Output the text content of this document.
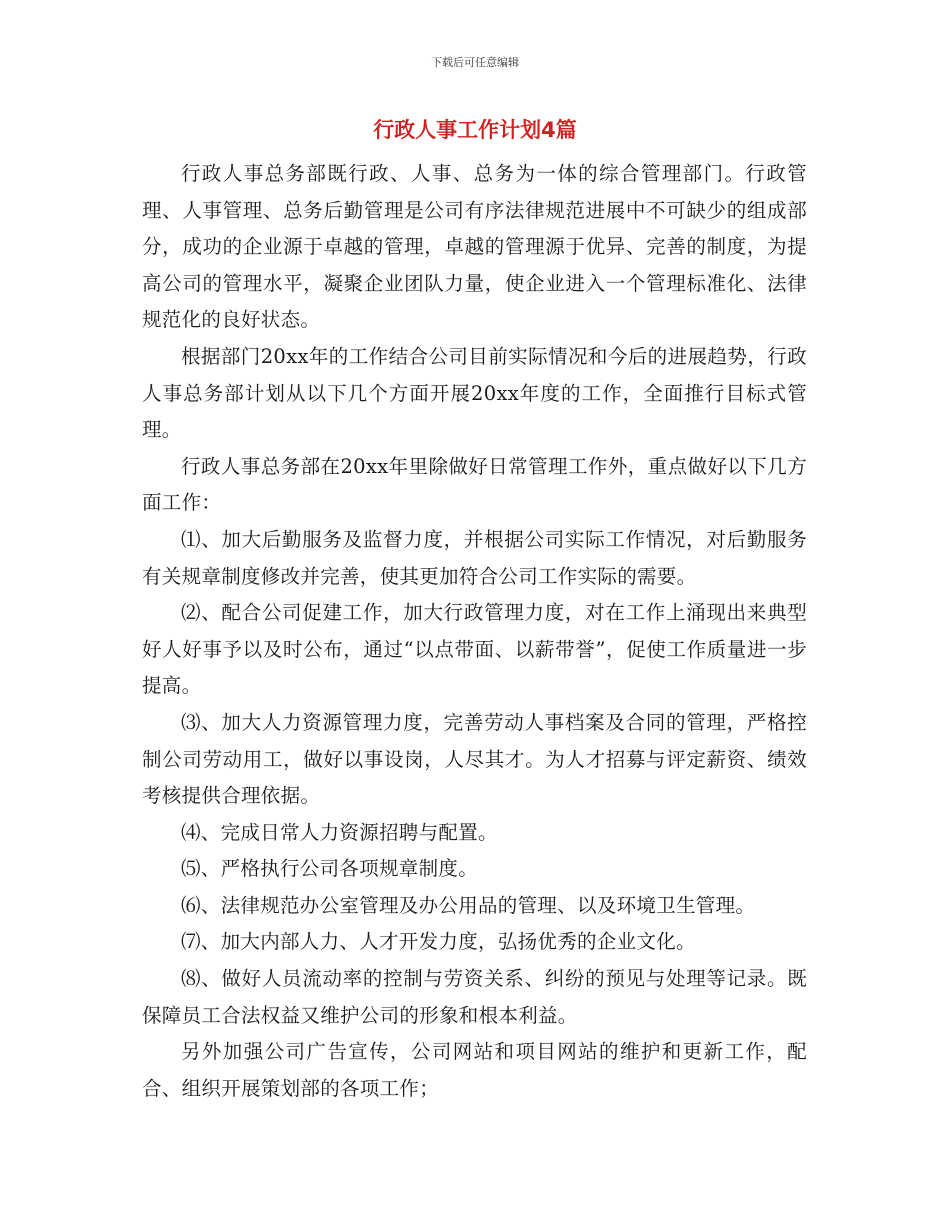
下载后可任意编辑
行政人事工作计划4篇

行政人事总务部既行政、人事、总务为一体的综合管理部门。行政管理、人事管理、总务后勤管理是公司有序法律规范进展中不可缺少的组成部分，成功的企业源于卓越的管理，卓越的管理源于优异、完善的制度，为提高公司的管理水平，凝聚企业团队力量，使企业进入一个管理标准化、法律规范化的良好状态。

根据部门20xx年的工作结合公司目前实际情况和今后的进展趋势，行政人事总务部计划从以下几个方面开展20xx年度的工作，全面推行目标式管理。

行政人事总务部在20xx年里除做好日常管理工作外，重点做好以下几方面工作：

⑴、加大后勤服务及监督力度，并根据公司实际工作情况，对后勤服务有关规章制度修改并完善，使其更加符合公司工作实际的需要。

⑵、配合公司促建工作，加大行政管理力度，对在工作上涌现出来典型好人好事予以及时公布，通过“以点带面、以薪带誉”，促使工作质量进一步提高。

⑶、加大人力资源管理力度，完善劳动人事档案及合同的管理，严格控制公司劳动用工，做好以事设岗，人尽其才。为人才招募与评定薪资、绩效考核提供合理依据。

⑷、完成日常人力资源招聘与配置。

⑸、严格执行公司各项规章制度。

⑹、法律规范办公室管理及办公用品的管理、以及环境卫生管理。

⑺、加大内部人力、人才开发力度，弘扬优秀的企业文化。

⑻、做好人员流动率的控制与劳资关系、纠纷的预见与处理等记录。既保障员工合法权益又维护公司的形象和根本利益。

另外加强公司广告宣传，公司网站和项目网站的维护和更新工作，配合、组织开展策划部的各项工作；
